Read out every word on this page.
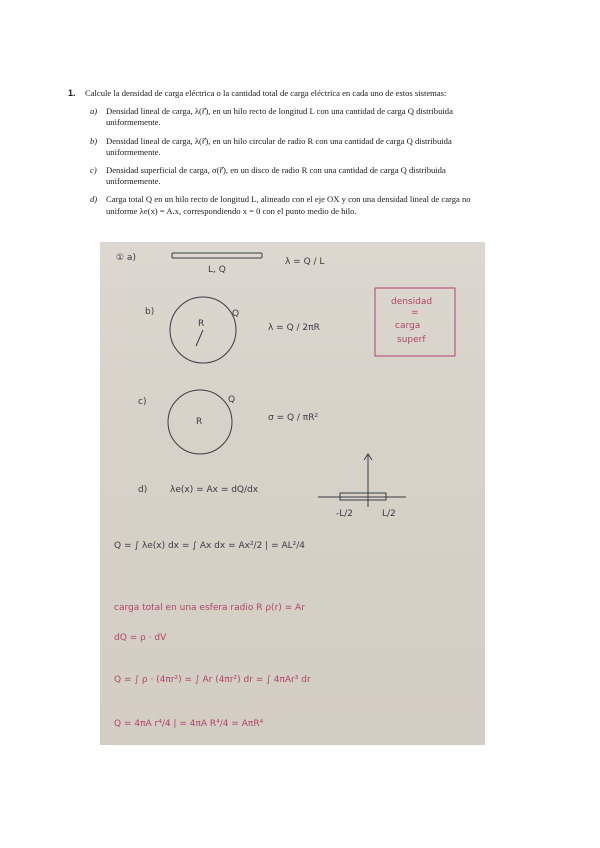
1. Calcule la densidad de carga eléctrica o la cantidad total de carga eléctrica en cada uno de estos sistemas:
a) Densidad lineal de carga, λ(r⃗), en un hilo recto de longitud L con una cantidad de carga Q distribuida uniformemente.
b) Densidad lineal de carga, λ(r⃗), en un hilo circular de radio R con una cantidad de carga Q distribuida uniformemente.
c) Densidad superficial de carga, σ(r⃗), en un disco de radio R con una cantidad de carga Q distribuida uniformemente.
d) Carga total Q en un hilo recto de longitud L, alineado con el eje OX y con una densidad lineal de carga no uniforme λe(x) = A.x, correspondiendo x = 0 con el punto medio de hilo.
① a)
L, Q
λ = Q / L
b)
R
Q
λ = Q / 2πR
densidad
=
carga
superf
c)
R
Q
σ = Q / πR²
d)	λe(x) = Ax = dQ/dx
-L/2	L/2
Q = ∫ λe(x) dx = ∫ Ax dx = Ax²/2 | = AL²/4
carga total en una esfera radio R ρ(r) = Ar
dQ = ρ · dV
Q = ∫ ρ · (4πr²) = ∫ Ar (4πr²) dr = ∫ 4πAr³ dr
Q = 4πA r⁴/4 | = 4πA R⁴/4 = AπR⁴
